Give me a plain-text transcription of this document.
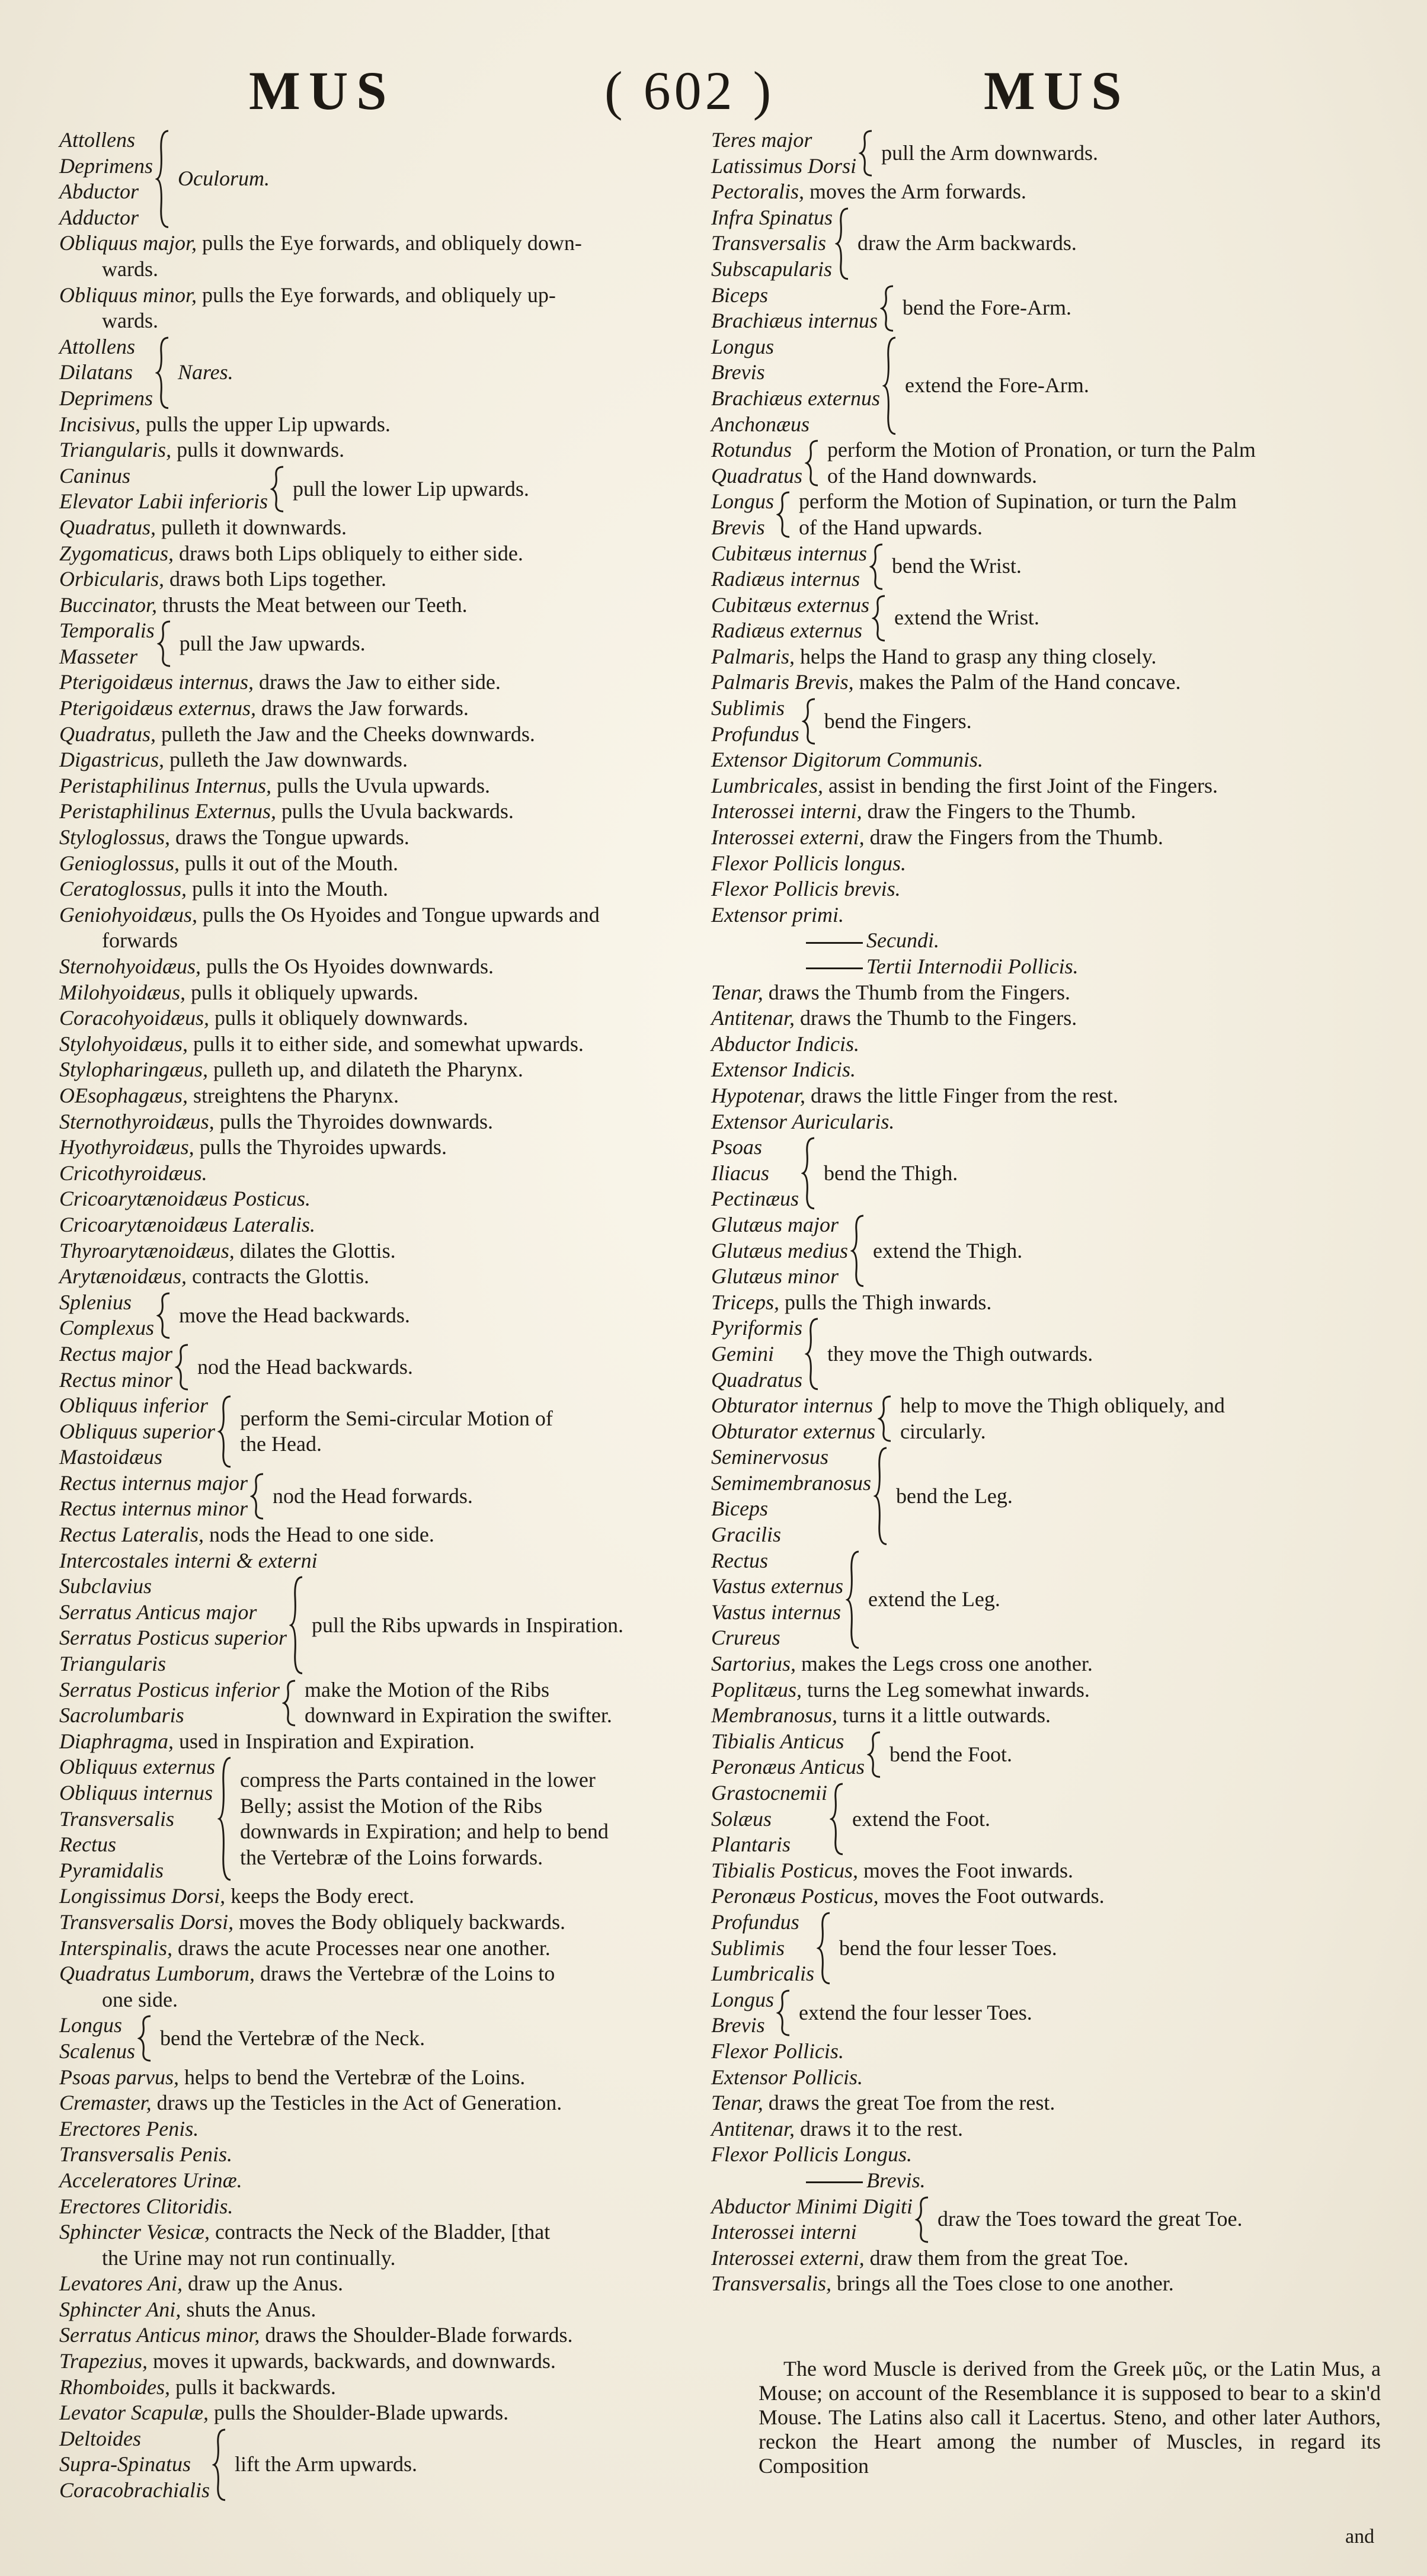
MUS	( 602 )	MUS
Attollens
Deprimens
Abductor
Adductor
Oculorum.
Obliquus major, pulls the Eye forwards, and obliquely down-
wards.
Obliquus minor, pulls the Eye forwards, and obliquely up-
wards.
Attollens
Dilatans
Deprimens
Nares.
Incisivus, pulls the upper Lip upwards.
Triangularis, pulls it downwards.
Caninus
Elevator Labii inferioris
pull the lower Lip upwards.
Quadratus, pulleth it downwards.
Zygomaticus, draws both Lips obliquely to either side.
Orbicularis, draws both Lips together.
Buccinator, thrusts the Meat between our Teeth.
Temporalis
Masseter
pull the Jaw upwards.
Pterigoidæus internus, draws the Jaw to either side.
Pterigoidæus externus, draws the Jaw forwards.
Quadratus, pulleth the Jaw and the Cheeks downwards.
Digastricus, pulleth the Jaw downwards.
Peristaphilinus Internus, pulls the Uvula upwards.
Peristaphilinus Externus, pulls the Uvula backwards.
Styloglossus, draws the Tongue upwards.
Genioglossus, pulls it out of the Mouth.
Ceratoglossus, pulls it into the Mouth.
Geniohyoidæus, pulls the Os Hyoides and Tongue upwards and
forwards
Sternohyoidæus, pulls the Os Hyoides downwards.
Milohyoidæus, pulls it obliquely upwards.
Coracohyoidæus, pulls it obliquely downwards.
Stylohyoidæus, pulls it to either side, and somewhat upwards.
Stylopharingæus, pulleth up, and dilateth the Pharynx.
OEsophagæus, streightens the Pharynx.
Sternothyroidæus, pulls the Thyroides downwards.
Hyothyroidæus, pulls the Thyroides upwards.
Cricothyroidæus.
Cricoarytænoidæus Posticus.
Cricoarytænoidæus Lateralis.
Thyroarytænoidæus, dilates the Glottis.
Arytænoidæus, contracts the Glottis.
Splenius
Complexus
move the Head backwards.
Rectus major
Rectus minor
nod the Head backwards.
Obliquus inferior
Obliquus superior
Mastoidæus
perform the Semi-circular Motion of the Head.
Rectus internus major
Rectus internus minor
nod the Head forwards.
Rectus Lateralis, nods the Head to one side.
Intercostales interni & externi
Subclavius
Serratus Anticus major
Serratus Posticus superior
Triangularis
pull the Ribs upwards in Inspiration.
Serratus Posticus inferior
Sacrolumbaris
make the Motion of the Ribs downward in Expiration the swifter.
Diaphragma, used in Inspiration and Expiration.
Obliquus externus
Obliquus internus
Transversalis
Rectus
Pyramidalis
compress the Parts contained in the lower Belly; assist the Motion of the Ribs downwards in Expiration; and help to bend the Vertebræ of the Loins forwards.
Longissimus Dorsi, keeps the Body erect.
Transversalis Dorsi, moves the Body obliquely backwards.
Interspinalis, draws the acute Processes near one another.
Quadratus Lumborum, draws the Vertebræ of the Loins to
one side.
Longus
Scalenus
bend the Vertebræ of the Neck.
Psoas parvus, helps to bend the Vertebræ of the Loins.
Cremaster, draws up the Testicles in the Act of Generation.
Erectores Penis.
Transversalis Penis.
Acceleratores Urinæ.
Erectores Clitoridis.
Sphincter Vesicæ, contracts the Neck of the Bladder, [that
the Urine may not run continually.
Levatores Ani, draw up the Anus.
Sphincter Ani, shuts the Anus.
Serratus Anticus minor, draws the Shoulder-Blade forwards.
Trapezius, moves it upwards, backwards, and downwards.
Rhomboides, pulls it backwards.
Levator Scapulæ, pulls the Shoulder-Blade upwards.
Deltoides
Supra-Spinatus
Coracobrachialis
lift the Arm upwards.
Teres major
Latissimus Dorsi
pull the Arm downwards.
Pectoralis, moves the Arm forwards.
Infra Spinatus
Transversalis
Subscapularis
draw the Arm backwards.
Biceps
Brachiæus internus
bend the Fore-Arm.
Longus
Brevis
Brachiæus externus
Anchonæus
extend the Fore-Arm.
Rotundus
Quadratus
perform the Motion of Pronation, or turn the Palm of the Hand downwards.
Longus
Brevis
perform the Motion of Supination, or turn the Palm of the Hand upwards.
Cubitæus internus
Radiæus internus
bend the Wrist.
Cubitæus externus
Radiæus externus
extend the Wrist.
Palmaris, helps the Hand to grasp any thing closely.
Palmaris Brevis, makes the Palm of the Hand concave.
Sublimis
Profundus
bend the Fingers.
Extensor Digitorum Communis.
Lumbricales, assist in bending the first Joint of the Fingers.
Interossei interni, draw the Fingers to the Thumb.
Interossei externi, draw the Fingers from the Thumb.
Flexor Pollicis longus.
Flexor Pollicis brevis.
Extensor primi.
Secundi.
Tertii Internodii Pollicis.
Tenar, draws the Thumb from the Fingers.
Antitenar, draws the Thumb to the Fingers.
Abductor Indicis.
Extensor Indicis.
Hypotenar, draws the little Finger from the rest.
Extensor Auricularis.
Psoas
Iliacus
Pectinæus
bend the Thigh.
Glutæus major
Glutæus medius
Glutæus minor
extend the Thigh.
Triceps, pulls the Thigh inwards.
Pyriformis
Gemini
Quadratus
they move the Thigh outwards.
Obturator internus
Obturator externus
help to move the Thigh obliquely, and circularly.
Seminervosus
Semimembranosus
Biceps
Gracilis
bend the Leg.
Rectus
Vastus externus
Vastus internus
Crureus
extend the Leg.
Sartorius, makes the Legs cross one another.
Poplitæus, turns the Leg somewhat inwards.
Membranosus, turns it a little outwards.
Tibialis Anticus
Peronæus Anticus
bend the Foot.
Grastocnemii
Solæus
Plantaris
extend the Foot.
Tibialis Posticus, moves the Foot inwards.
Peronæus Posticus, moves the Foot outwards.
Profundus
Sublimis
Lumbricalis
bend the four lesser Toes.
Longus
Brevis
extend the four lesser Toes.
Flexor Pollicis.
Extensor Pollicis.
Tenar, draws the great Toe from the rest.
Antitenar, draws it to the rest.
Flexor Pollicis Longus.
Brevis.
Abductor Minimi Digiti
Interossei interni
draw the Toes toward the great Toe.
Interossei externi, draw them from the great Toe.
Transversalis, brings all the Toes close to one another.
The word Muscle is derived from the Greek μῦς, or the Latin Mus, a Mouse; on account of the Resemblance it is supposed to bear to a skin'd Mouse. The Latins also call it Lacertus. Steno, and other later Authors, reckon the Heart among the number of Muscles, in regard its Composition
and
